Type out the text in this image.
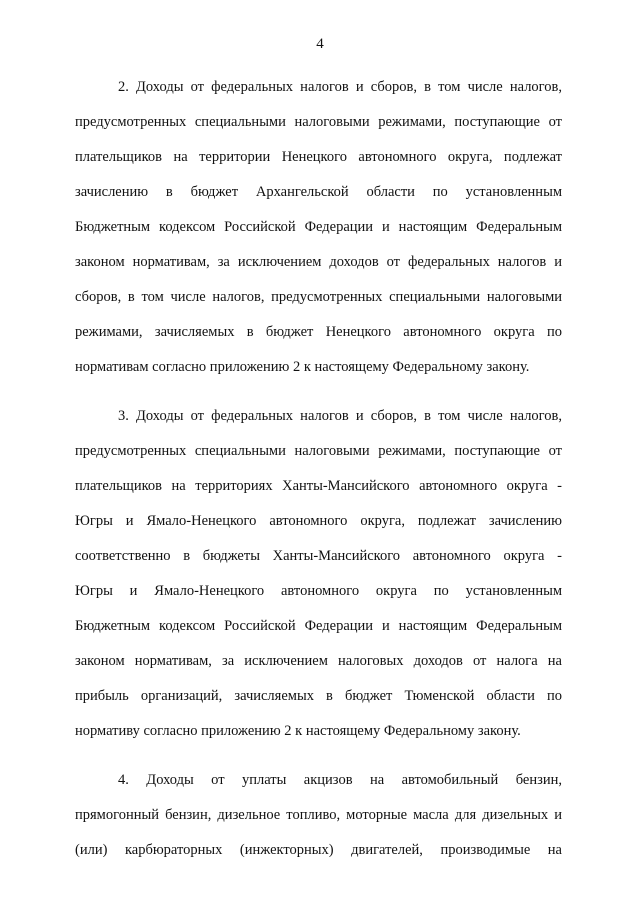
4
2. Доходы от федеральных налогов и сборов, в том числе налогов,
предусмотренных специальными налоговыми режимами, поступающие от
плательщиков на территории Ненецкого автономного округа, подлежат
зачислению в бюджет Архангельской области по установленным
Бюджетным кодексом Российской Федерации и настоящим Федеральным
законом нормативам, за исключением доходов от федеральных налогов и
сборов, в том числе налогов, предусмотренных специальными налоговыми
режимами, зачисляемых в бюджет Ненецкого автономного округа по
нормативам согласно приложению 2 к настоящему Федеральному закону.
3. Доходы от федеральных налогов и сборов, в том числе налогов,
предусмотренных специальными налоговыми режимами, поступающие от
плательщиков на территориях Ханты-Мансийского автономного округа -
Югры и Ямало-Ненецкого автономного округа, подлежат зачислению
соответственно в бюджеты Ханты-Мансийского автономного округа -
Югры и Ямало-Ненецкого автономного округа по установленным
Бюджетным кодексом Российской Федерации и настоящим Федеральным
законом нормативам, за исключением налоговых доходов от налога на
прибыль организаций, зачисляемых в бюджет Тюменской области по
нормативу согласно приложению 2 к настоящему Федеральному закону.
4. Доходы от уплаты акцизов на автомобильный бензин,
прямогонный бензин, дизельное топливо, моторные масла для дизельных и
(или) карбюраторных (инжекторных) двигателей, производимые на
